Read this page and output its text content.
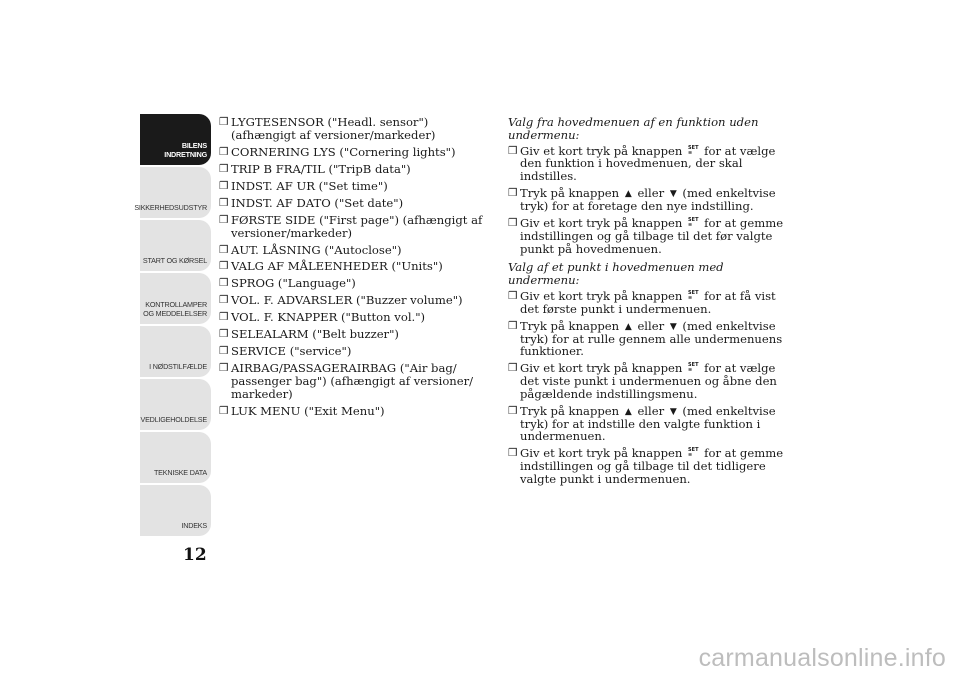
BILENS
INDRETNING
SIKKERHEDSUDSTYR
START OG KØRSEL
KONTROLLAMPER
OG MEDDELELSER
I NØDSTILFÆLDE
VEDLIGEHOLDELSE
TEKNISKE DATA
INDEKS
12
❒ LYGTESENSOR ("Headl. sensor") (afhængigt af versioner/markeder)
❒ CORNERING LYS ("Cornering lights")
❒ TRIP B FRA/TIL ("TripB data")
❒ INDST. AF UR ("Set time")
❒ INDST. AF DATO ("Set date")
❒ FØRSTE SIDE ("First page") (afhængigt af versioner/markeder)
❒ AUT. LÅSNING ("Autoclose")
❒ VALG AF MÅLEENHEDER ("Units")
❒ SPROG ("Language")
❒ VOL. F. ADVARSLER ("Buzzer volume")
❒ VOL. F. KNAPPER ("Button vol.")
❒ SELEALARM ("Belt buzzer")
❒ SERVICE ("service")
❒ AIRBAG/PASSAGERAIRBAG ("Air bag/ passenger bag") (afhængigt af versioner/ markeder)
❒ LUK MENU ("Exit Menu")
Valg fra hovedmenuen af en funktion uden undermenu:
❒ Giv et kort tryk på knappen SET
≡ for at vælge den funktion i hovedmenuen, der skal indstilles.
❒ Tryk på knappen ▲ eller ▼ (med enkeltvise tryk) for at foretage den nye indstilling.
❒ Giv et kort tryk på knappen SET
≡ for at gemme indstillingen og gå tilbage til det før valgte punkt på hovedmenuen.
Valg af et punkt i hovedmenuen med undermenu:
❒ Giv et kort tryk på knappen SET
≡ for at få vist det første punkt i undermenuen.
❒ Tryk på knappen ▲ eller ▼ (med enkeltvise tryk) for at rulle gennem alle undermenuens funktioner.
❒ Giv et kort tryk på knappen SET
≡ for at vælge det viste punkt i undermenuen og åbne den pågældende indstillingsmenu.
❒ Tryk på knappen ▲ eller ▼ (med enkeltvise tryk) for at indstille den valgte funktion i undermenuen.
❒ Giv et kort tryk på knappen SET
≡ for at gemme indstillingen og gå tilbage til det tidligere valgte punkt i undermenuen.
carmanualsonline.info
